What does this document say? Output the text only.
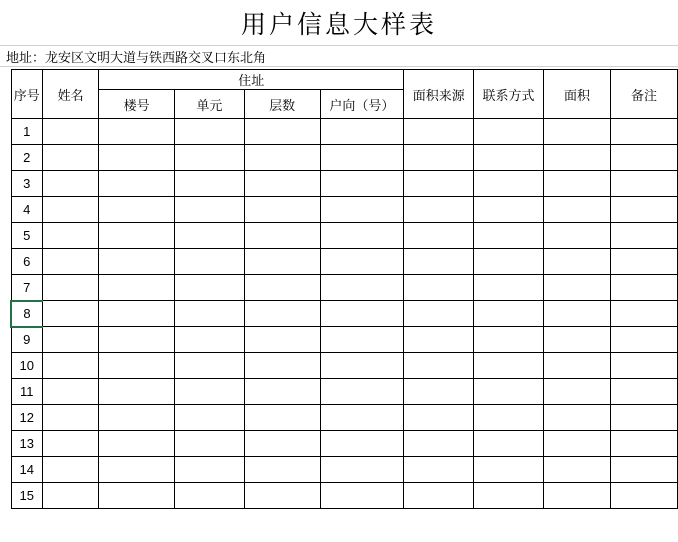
用户信息大样表
地址：龙安区文明大道与铁西路交叉口东北角
序号	姓名	住址				面积来源	联系方式	面积	备注
		楼号	单元	层数	户向（号）				
1									
2									
3									
4									
5									
6									
7									
8									
9									
10									
11									
12									
13									
14									
15									
